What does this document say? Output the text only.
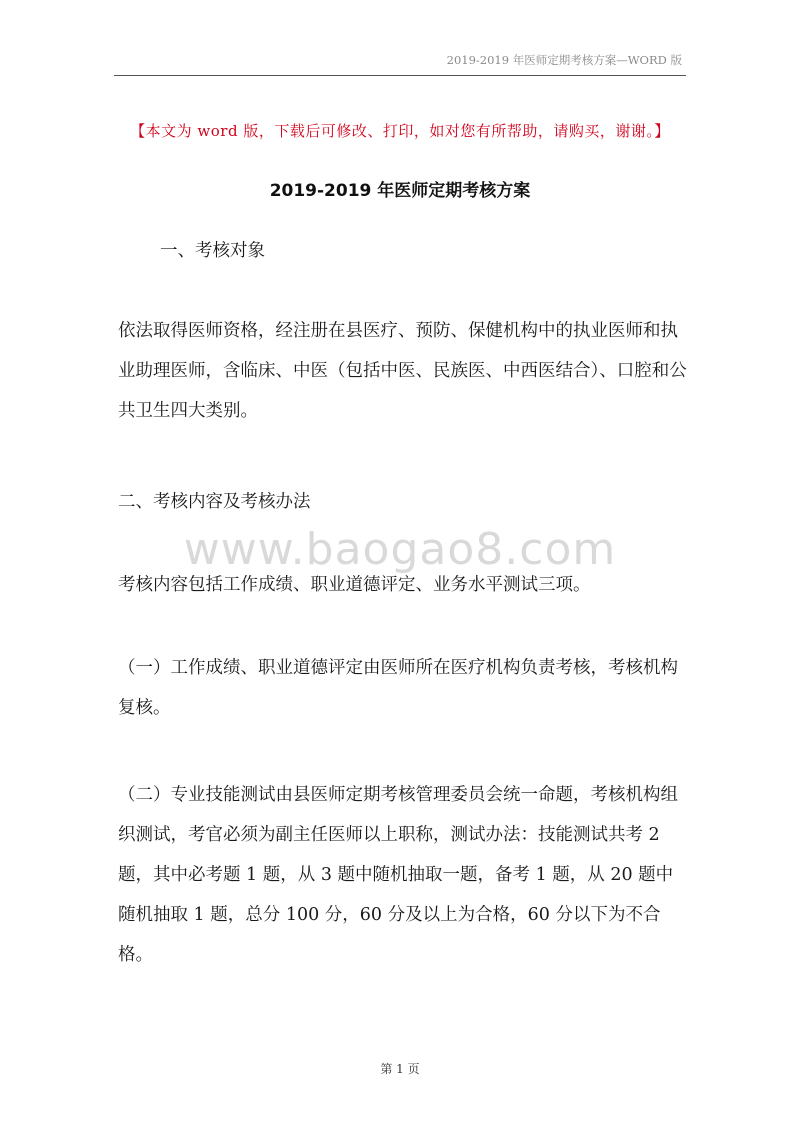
2019-2019 年医师定期考核方案—WORD 版
【本文为 word 版，下载后可修改、打印，如对您有所帮助，请购买，谢谢。】
2019-2019 年医师定期考核方案

一、考核对象

依法取得医师资格，经注册在县医疗、预防、保健机构中的执业医师和执业助理医师，含临床、中医（包括中医、民族医、中西医结合）、口腔和公共卫生四大类别。

二、考核内容及考核办法

www.baogao8.com

考核内容包括工作成绩、职业道德评定、业务水平测试三项。

（一）工作成绩、职业道德评定由医师所在医疗机构负责考核，考核机构复核。

（二）专业技能测试由县医师定期考核管理委员会统一命题，考核机构组织测试，考官必须为副主任医师以上职称，测试办法：技能测试共考 2 题，其中必考题 1 题，从 3 题中随机抽取一题，备考 1 题，从 20 题中随机抽取 1 题，总分 100 分，60 分及以上为合格，60 分以下为不合格。

第 1 页
